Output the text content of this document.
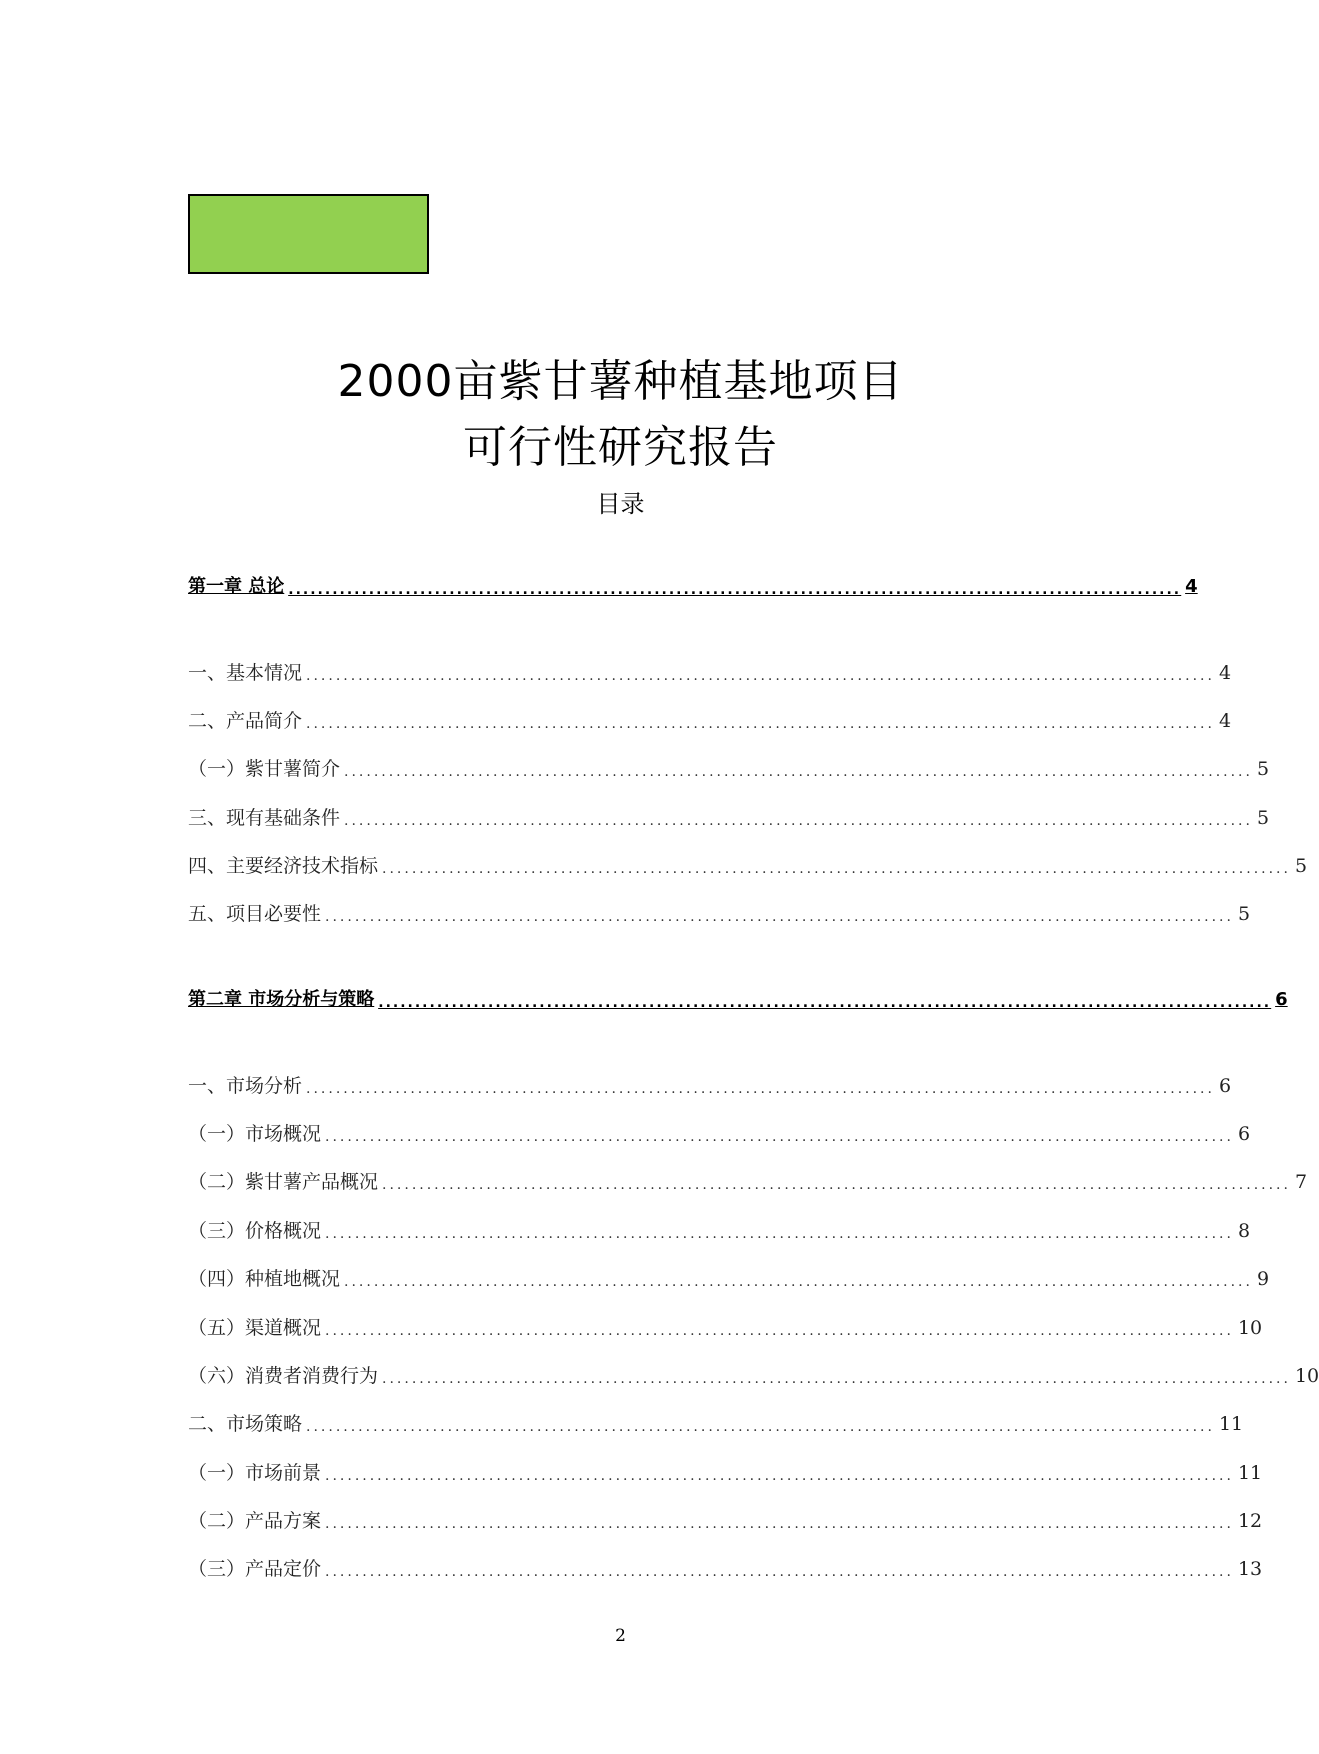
2000亩紫甘薯种植基地项目
可行性研究报告
目录
第一章 总论 .......................................................................................................................... 4
一、基本情况 .......................................................................................................................... 4
二、产品简介 .......................................................................................................................... 4
（一）紫甘薯简介 .......................................................................................................................... 5
三、现有基础条件 .......................................................................................................................... 5
四、主要经济技术指标 .......................................................................................................................... 5
五、项目必要性 .......................................................................................................................... 5
第二章 市场分析与策略 .......................................................................................................................... 6
一、市场分析 .......................................................................................................................... 6
（一）市场概况 .......................................................................................................................... 6
（二）紫甘薯产品概况 .......................................................................................................................... 7
（三）价格概况 .......................................................................................................................... 8
（四）种植地概况 .......................................................................................................................... 9
（五）渠道概况 .......................................................................................................................... 10
（六）消费者消费行为 .......................................................................................................................... 10
二、市场策略 .......................................................................................................................... 11
（一）市场前景 .......................................................................................................................... 11
（二）产品方案 .......................................................................................................................... 12
（三）产品定价 .......................................................................................................................... 13
2
